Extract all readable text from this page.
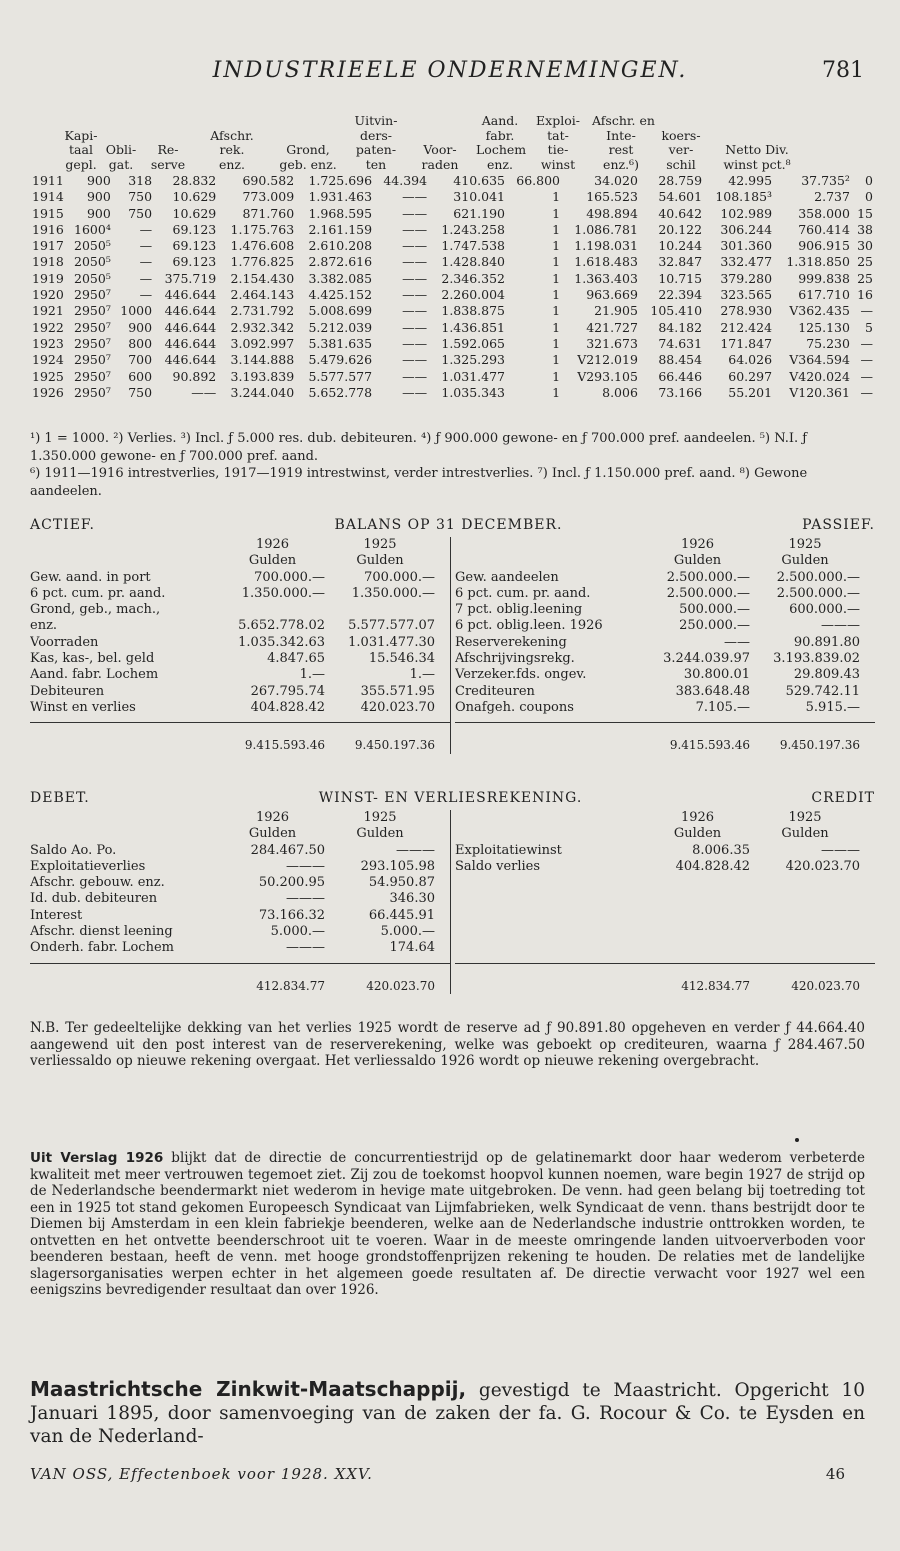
INDUSTRIEELE ONDERNEMINGEN.	781
Uitvin-	Aand.	Exploi- Afschr. en
Kapi-	Afschr.	ders-	fabr.	tat-	Inte-	koers-
taal	Obli-	Re-	rek.	Grond,	paten-	Voor-	Lochem	tie-	rest	ver-	Netto Div.
gepl. gat.	serve	enz.	geb. enz.	ten	raden	enz.	winst	enz.⁶)	schil	winst pct.⁸
1911	900	318	28.832	690.582	1.725.696	44.394	410.635	66.800	34.020	28.759	42.995	37.735²	0
1914	900	750	10.629	773.009	1.931.463	——	310.041	1	165.523	54.601	108.185³	2.737	0
1915	900	750	10.629	871.760	1.968.595	——	621.190	1	498.894	40.642	102.989	358.000	15
1916	1600⁴	—	69.123	1.175.763	2.161.159	——	1.243.258	1	1.086.781	20.122	306.244	760.414	38
1917	2050⁵	—	69.123	1.476.608	2.610.208	——	1.747.538	1	1.198.031	10.244	301.360	906.915	30
1918	2050⁵	—	69.123	1.776.825	2.872.616	——	1.428.840	1	1.618.483	32.847	332.477	1.318.850	25
1919	2050⁵	—	375.719	2.154.430	3.382.085	——	2.346.352	1	1.363.403	10.715	379.280	999.838	25
1920	2950⁷	—	446.644	2.464.143	4.425.152	——	2.260.004	1	963.669	22.394	323.565	617.710	16
1921	2950⁷	1000	446.644	2.731.792	5.008.699	——	1.838.875	1	21.905	105.410	278.930	V362.435	—
1922	2950⁷	900	446.644	2.932.342	5.212.039	——	1.436.851	1	421.727	84.182	212.424	125.130	5
1923	2950⁷	800	446.644	3.092.997	5.381.635	——	1.592.065	1	321.673	74.631	171.847	75.230	—
1924	2950⁷	700	446.644	3.144.888	5.479.626	——	1.325.293	1	V212.019	88.454	64.026	V364.594	—
1925	2950⁷	600	90.892	3.193.839	5.577.577	——	1.031.477	1	V293.105	66.446	60.297	V420.024	—
1926	2950⁷	750	——	3.244.040	5.652.778	——	1.035.343	1	8.006	73.166	55.201	V120.361	—
¹) 1 = 1000. ²) Verlies. ³) Incl. ƒ 5.000 res. dub. debiteuren. ⁴) ƒ 900.000 gewone- en ƒ 700.000 pref. aandeelen. ⁵) N.I. ƒ 1.350.000 gewone- en ƒ 700.000 pref. aand.
⁶) 1911—1916 intrestverlies, 1917—1919 intrestwinst, verder intrestverlies. ⁷) Incl. ƒ 1.150.000 pref. aand. ⁸) Gewone aandeelen.
ACTIEF.	BALANS OP 31 DECEMBER.	PASSIEF.
1926	1925
Gulden	Gulden
Gew. aand. in port	700.000.—	700.000.—
6 pct. cum. pr. aand.	1.350.000.—	1.350.000.—
Grond, geb., mach.,
enz.	5.652.778.02	5.577.577.07
Voorraden	1.035.342.63	1.031.477.30
Kas, kas-, bel. geld	4.847.65	15.546.34
Aand. fabr. Lochem	1.—	1.—
Debiteuren	267.795.74	355.571.95
Winst en verlies	404.828.42	420.023.70
9.415.593.46	9.450.197.36
1926	1925
Gulden	Gulden
Gew. aandeelen	2.500.000.—	2.500.000.—
6 pct. cum. pr. aand.	2.500.000.—	2.500.000.—
7 pct. oblig.leening	500.000.—	600.000.—
6 pct. oblig.leen. 1926	250.000.—	———
Reserverekening	——	90.891.80
Afschrijvingsrekg.	3.244.039.97	3.193.839.02
Verzeker.fds. ongev.	30.800.01	29.809.43
Crediteuren	383.648.48	529.742.11
Onafgeh. coupons	7.105.—	5.915.—
9.415.593.46	9.450.197.36
DEBET.	WINST- EN VERLIESREKENING.	CREDIT
1926	1925
Gulden	Gulden
Saldo Ao. Po.	284.467.50	———
Exploitatieverlies	———	293.105.98
Afschr. gebouw. enz.	50.200.95	54.950.87
Id. dub. debiteuren	———	346.30
Interest	73.166.32	66.445.91
Afschr. dienst leening	5.000.—	5.000.—
Onderh. fabr. Lochem	———	174.64
412.834.77	420.023.70
1926	1925
Gulden	Gulden
Exploitatiewinst	8.006.35	———
Saldo verlies	404.828.42	420.023.70
412.834.77	420.023.70
N.B. Ter gedeeltelijke dekking van het verlies 1925 wordt de reserve ad ƒ 90.891.80 opgeheven en verder ƒ 44.664.40 aangewend uit den post interest van de reserverekening, welke was geboekt op crediteuren, waarna ƒ 284.467.50 verliessaldo op nieuwe rekening overgaat. Het verliessaldo 1926 wordt op nieuwe rekening overgebracht.
Uit Verslag 1926 blijkt dat de directie de concurrentiestrijd op de gelatinemarkt door haar wederom verbeterde kwaliteit met meer vertrouwen tegemoet ziet. Zij zou de toekomst hoopvol kunnen noemen, ware begin 1927 de strijd op de Nederlandsche beendermarkt niet wederom in hevige mate uitgebroken. De venn. had geen belang bij toetreding tot een in 1925 tot stand gekomen Europeesch Syndicaat van Lijmfabrieken, welk Syndicaat de venn. thans bestrijdt door te Diemen bij Amsterdam in een klein fabriekje beenderen, welke aan de Nederlandsche industrie onttrokken worden, te ontvetten en het ontvette beenderschroot uit te voeren. Waar in de meeste omringende landen uitvoerverboden voor beenderen bestaan, heeft de venn. met hooge grondstoffenprijzen rekening te houden. De relaties met de landelijke slagersorganisaties werpen echter in het algemeen goede resultaten af. De directie verwacht voor 1927 wel een eenigszins bevredigender resultaat dan over 1926.
Maastrichtsche Zinkwit-Maatschappij, gevestigd te Maastricht. Opgericht 10 Januari 1895, door samenvoeging van de zaken der fa. G. Rocour & Co. te Eysden en van de Nederland-
VAN OSS, Effectenboek voor 1928. XXV.	46
